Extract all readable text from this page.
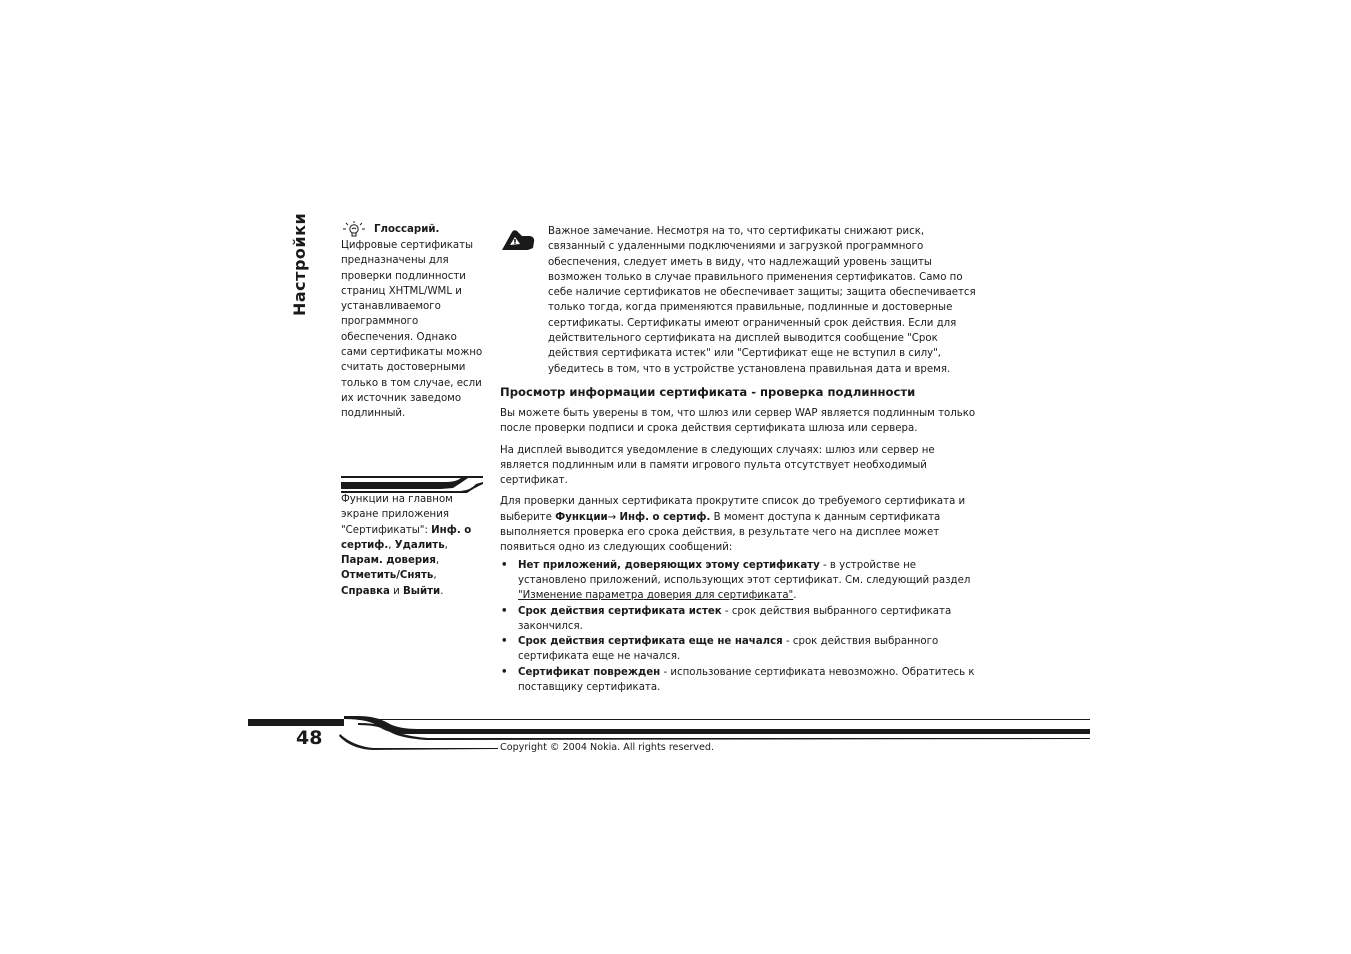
Настройки	Глоссарий.

Цифровые сертификаты предназначены для проверки подлинности страниц XHTML/WML и устанавливаемого программного обеспечения. Однако сами сертификаты можно считать достоверными только в том случае, если их источник заведомо подлинный.

Функции на главном экране приложения "Сертификаты": Инф. о сертиф., Удалить, Парам. доверия, Отметить/Снять, Справка и Выйти.

Важное замечание. Несмотря на то, что сертификаты снижают риск, связанный с удаленными подключениями и загрузкой программного обеспечения, следует иметь в виду, что надлежащий уровень защиты возможен только в случае правильного применения сертификатов. Само по себе наличие сертификатов не обеспечивает защиты; защита обеспечивается только тогда, когда применяются правильные, подлинные и достоверные сертификаты. Сертификаты имеют ограниченный срок действия. Если для действительного сертификата на дисплей выводится сообщение "Срок действия сертификата истек" или "Сертификат еще не вступил в силу", убедитесь в том, что в устройстве установлена правильная дата и время.

Просмотр информации сертификата - проверка подлинности

Вы можете быть уверены в том, что шлюз или сервер WAP является подлинным только после проверки подписи и срока действия сертификата шлюза или сервера.

На дисплей выводится уведомление в следующих случаях: шлюз или сервер не является подлинным или в памяти игрового пульта отсутствует необходимый сертификат.

Для проверки данных сертификата прокрутите список до требуемого сертификата и выберите Функции→ Инф. о сертиф. В момент доступа к данным сертификата выполняется проверка его срока действия, в результате чего на дисплее может появиться одно из следующих сообщений:

• Нет приложений, доверяющих этому сертификату - в устройстве не установлено приложений, использующих этот сертификат. См. следующий раздел "Изменение параметра доверия для сертификата".
• Срок действия сертификата истек - срок действия выбранного сертификата закончился.
• Срок действия сертификата еще не начался - срок действия выбранного сертификата еще не начался.
• Сертификат поврежден - использование сертификата невозможно. Обратитесь к поставщику сертификата.
48	Copyright © 2004 Nokia. All rights reserved.
